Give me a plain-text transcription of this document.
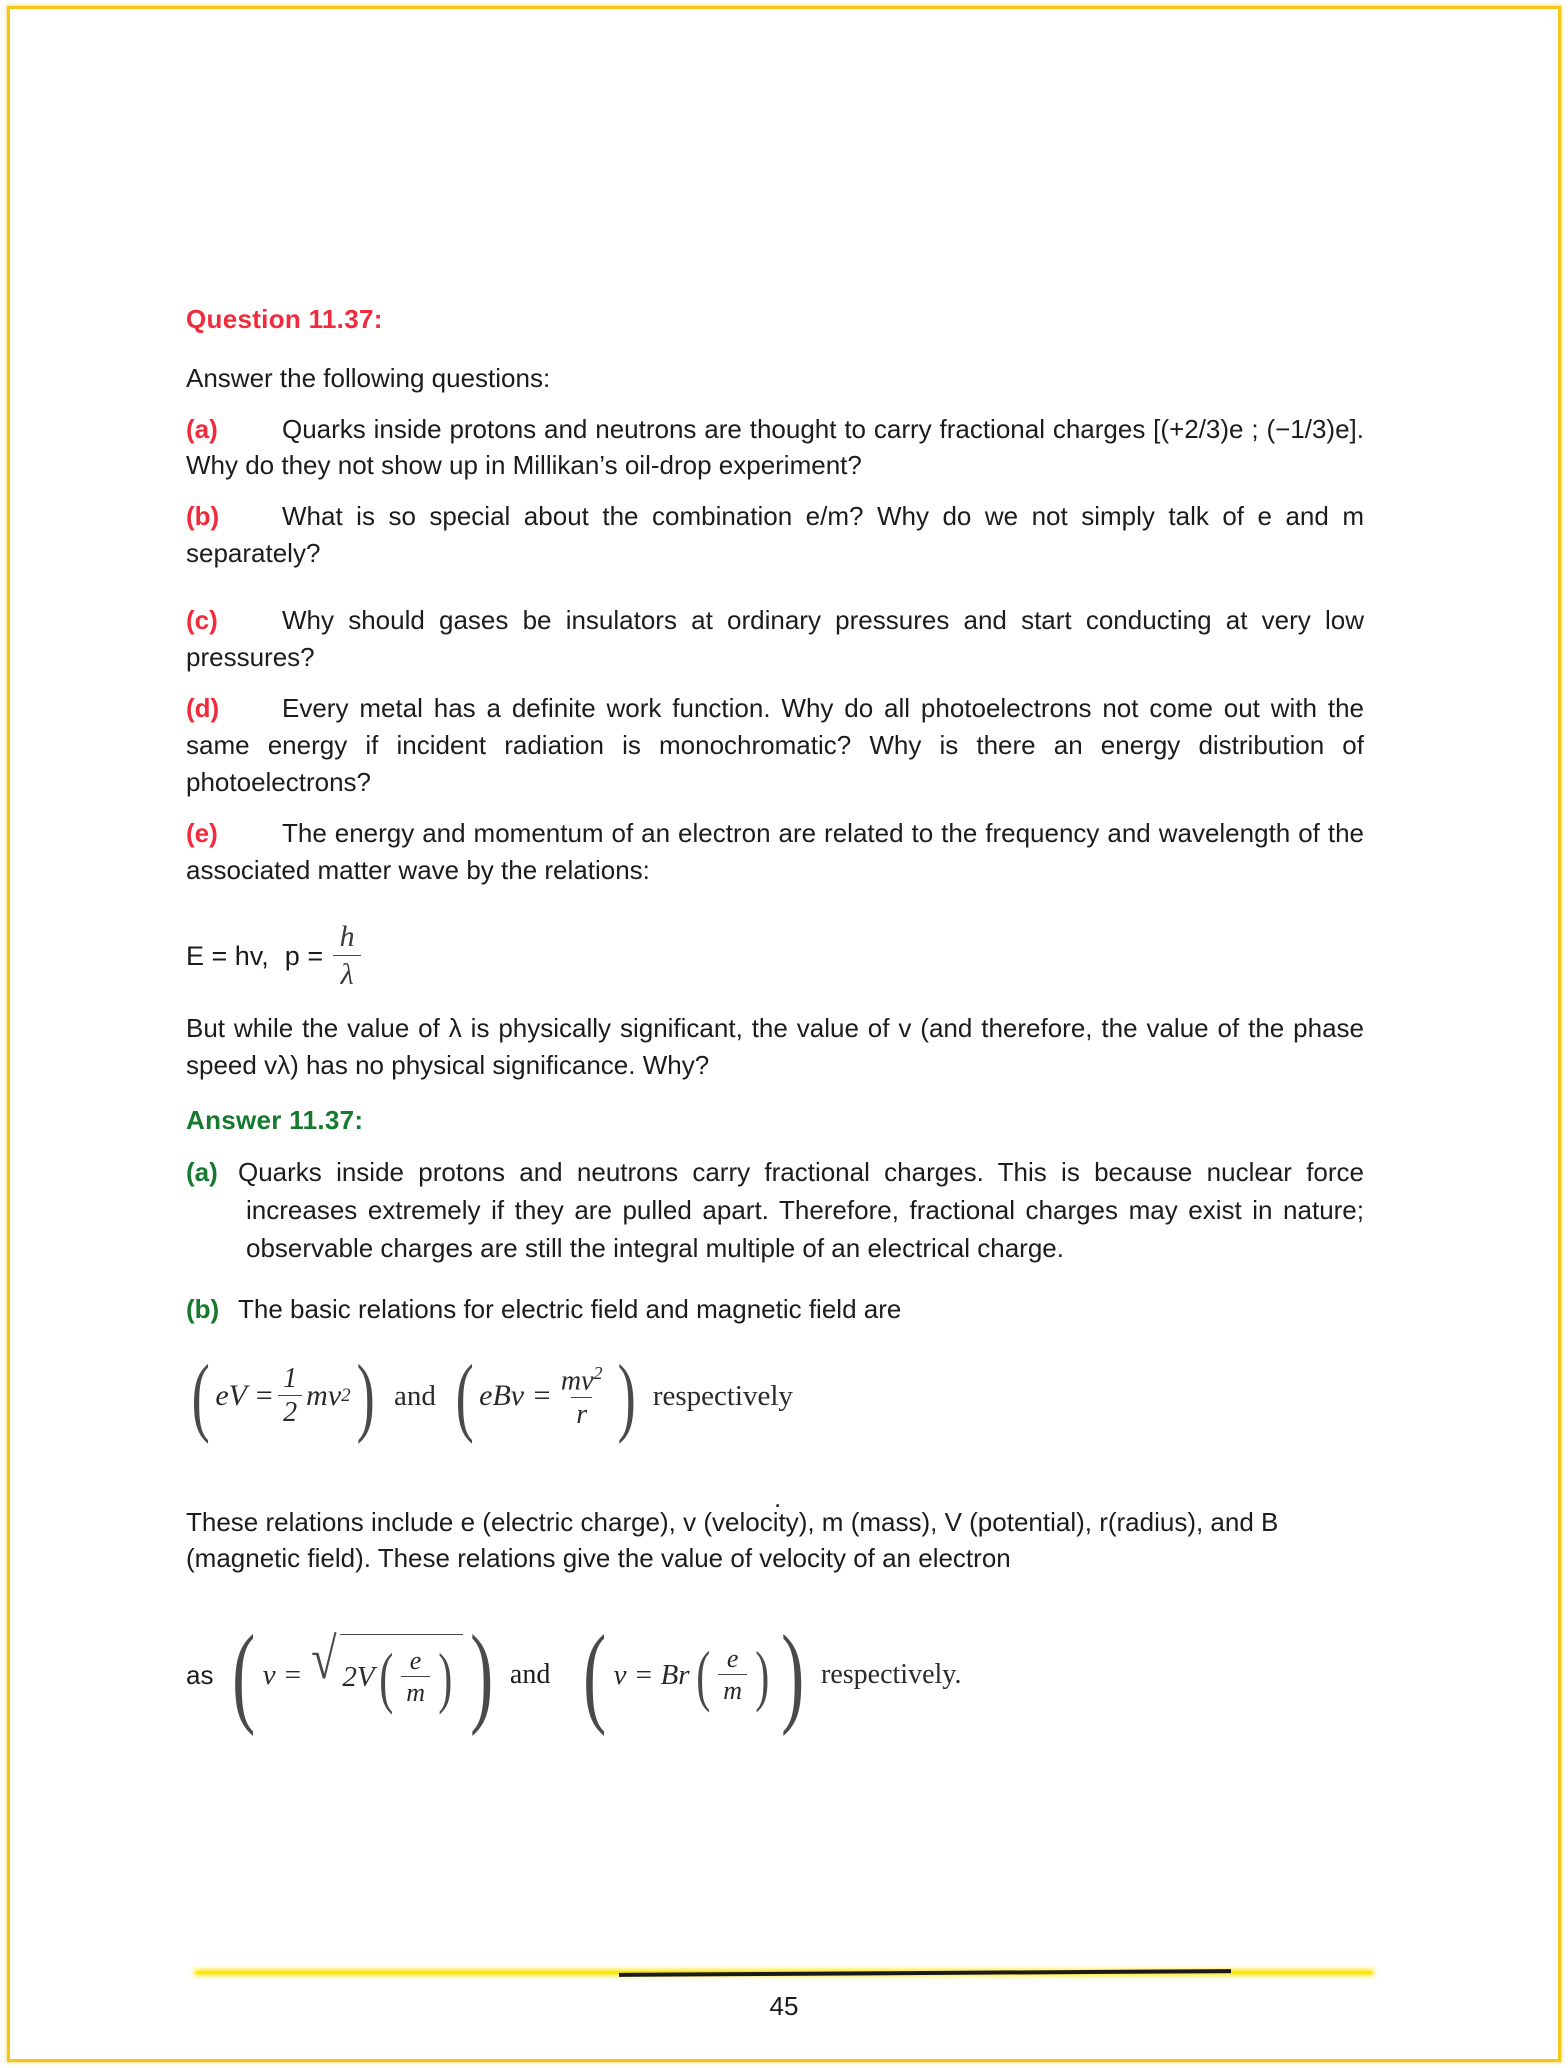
Question 11.37:
Answer the following questions:
(a) Quarks inside protons and neutrons are thought to carry fractional charges [(+2/3)e ; (−1/3)e]. Why do they not show up in Millikan’s oil-drop experiment?
(b) What is so special about the combination e/m? Why do we not simply talk of e and m separately?
(c) Why should gases be insulators at ordinary pressures and start conducting at very low pressures?
(d) Every metal has a definite work function. Why do all photoelectrons not come out with the same energy if incident radiation is monochromatic? Why is there an energy distribution of photoelectrons?
(e) The energy and momentum of an electron are related to the frequency and wavelength of the associated matter wave by the relations:
E = hv, $p = \frac{h}{\lambda}$
But while the value of λ is physically significant, the value of v (and therefore, the value of the phase speed vλ) has no physical significance. Why?
Answer 11.37:
(a) Quarks inside protons and neutrons carry fractional charges. This is because nuclear force increases extremely if they are pulled apart. Therefore, fractional charges may exist in nature; observable charges are still the integral multiple of an electrical charge.
(b) The basic relations for electric field and magnetic field are
( eV = $\frac{1}{2}$ mv 2 ) and ( eBv = $\frac{mv^2}{r}$ ) respectively
.
These relations include e (electric charge), v (velocity), m (mass), V (potential), r(radius), and B (magnetic field). These relations give the value of velocity of an electron
as ( v = √ 2V ( $\frac{e}{m}$ ) ) and ( v = Br ( $\frac{e}{m}$ ) ) respectively.
45
